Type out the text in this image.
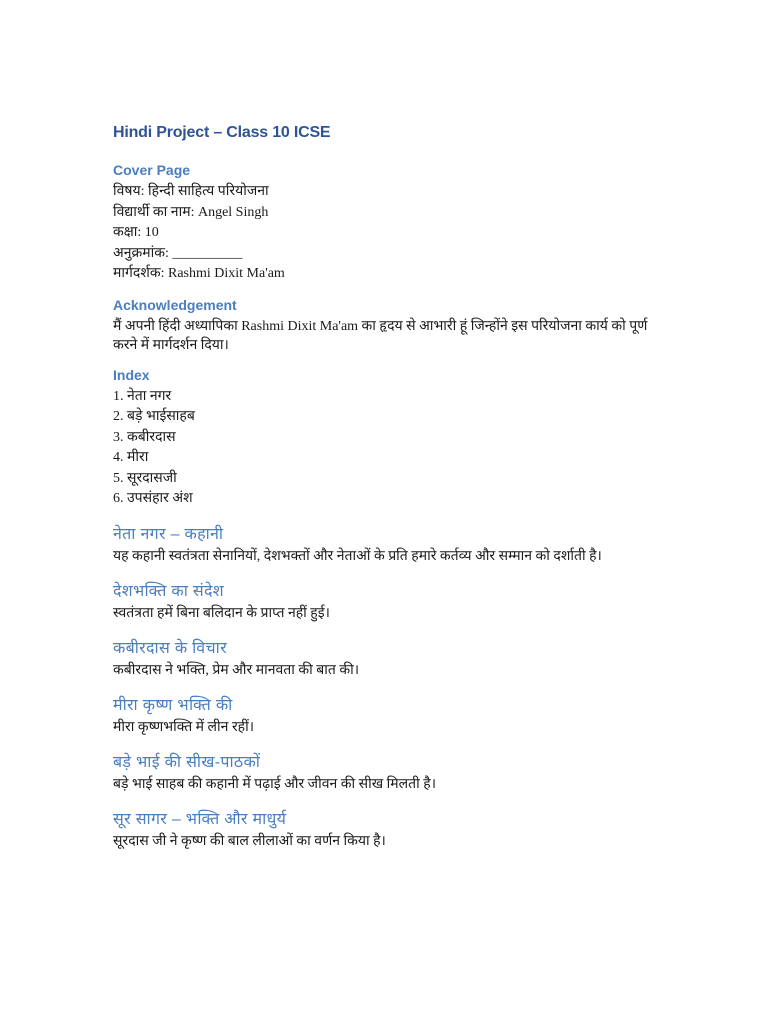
Hindi Project – Class 10 ICSE
Cover Page

विषय: हिन्दी साहित्य परियोजना

विद्यार्थी का नाम: Angel Singh

कक्षा: 10

अनुक्रमांक: __________

मार्गदर्शक: Rashmi Dixit Ma'am

Acknowledgement

मैं अपनी हिंदी अध्यापिका Rashmi Dixit Ma'am का हृदय से आभारी हूं जिन्होंने इस परियोजना कार्य को पूर्ण करने में मार्गदर्शन दिया।

Index
1. नेता नगर
2. बड़े भाईसाहब
3. कबीरदास
4. मीरा
5. सूरदासजी
6. उपसंहार अंश
नेता नगर – कहानी

यह कहानी स्वतंत्रता सेनानियों, देशभक्तों और नेताओं के प्रति हमारे कर्तव्य और सम्मान को दर्शाती है।

देशभक्ति का संदेश

स्वतंत्रता हमें बिना बलिदान के प्राप्त नहीं हुई।

कबीरदास के विचार

कबीरदास ने भक्ति, प्रेम और मानवता की बात की।

मीरा कृष्ण भक्ति की

मीरा कृष्णभक्ति में लीन रहीं।

बड़े भाई की सीख-पाठकों

बड़े भाई साहब की कहानी में पढ़ाई और जीवन की सीख मिलती है।

सूर सागर – भक्ति और माधुर्य

सूरदास जी ने कृष्ण की बाल लीलाओं का वर्णन किया है।
